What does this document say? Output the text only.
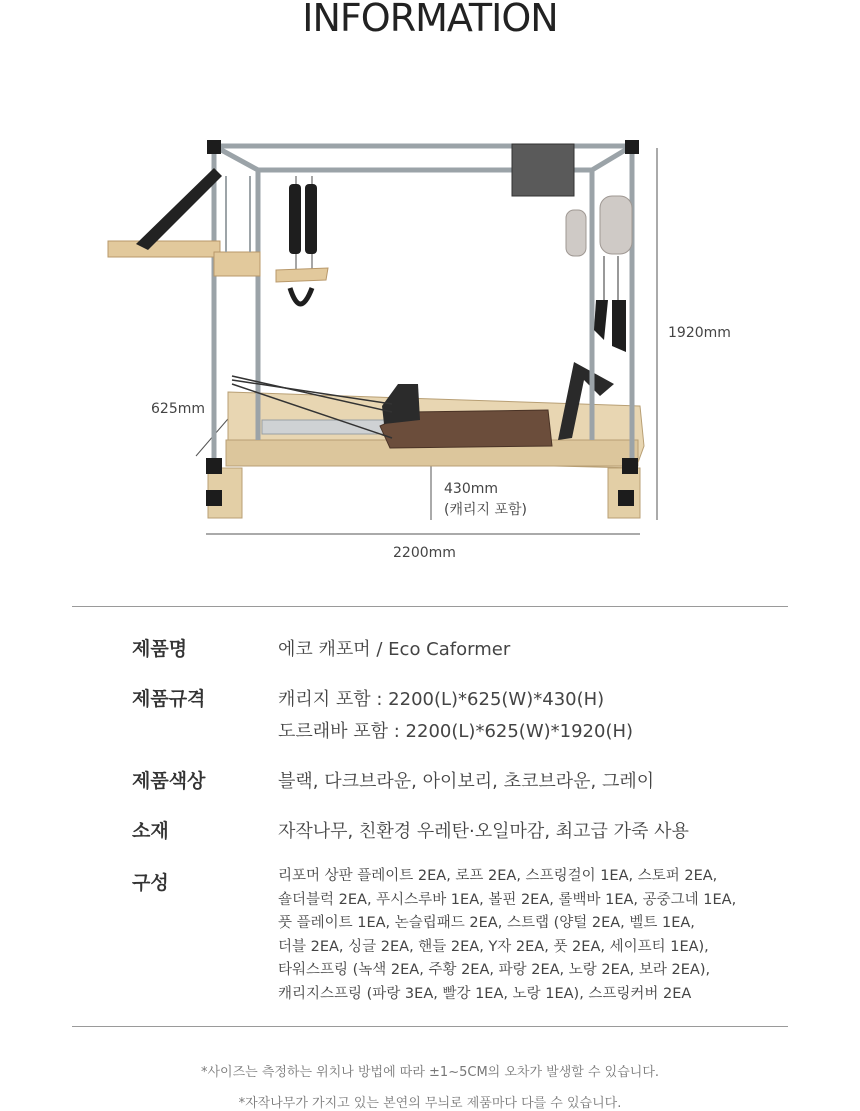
INFORMATION
1920mm
625mm
430mm
(캐리지 포함)
2200mm
제품명	에코 캐포머 / Eco Caformer
제품규격	캐리지 포함 : 2200(L)*625(W)*430(H)
도르래바 포함 : 2200(L)*625(W)*1920(H)
제품색상	블랙, 다크브라운, 아이보리, 초코브라운, 그레이
소재	자작나무, 친환경 우레탄·오일마감, 최고급 가죽 사용
구성	리포머 상판 플레이트 2EA, 로프 2EA, 스프링걸이 1EA, 스토퍼 2EA,
숄더블럭 2EA, 푸시스루바 1EA, 볼핀 2EA, 롤백바 1EA, 공중그네 1EA,
풋 플레이트 1EA, 논슬립패드 2EA, 스트랩 (양털 2EA, 벨트 1EA,
더블 2EA, 싱글 2EA, 핸들 2EA, Y자 2EA, 풋 2EA, 세이프티 1EA),
타워스프링 (녹색 2EA, 주황 2EA, 파랑 2EA, 노랑 2EA, 보라 2EA),
캐리지스프링 (파랑 3EA, 빨강 1EA, 노랑 1EA), 스프링커버 2EA
*사이즈는 측정하는 위치나 방법에 따라 ±1~5CM의 오차가 발생할 수 있습니다.
*자작나무가 가지고 있는 본연의 무늬로 제품마다 다를 수 있습니다.
